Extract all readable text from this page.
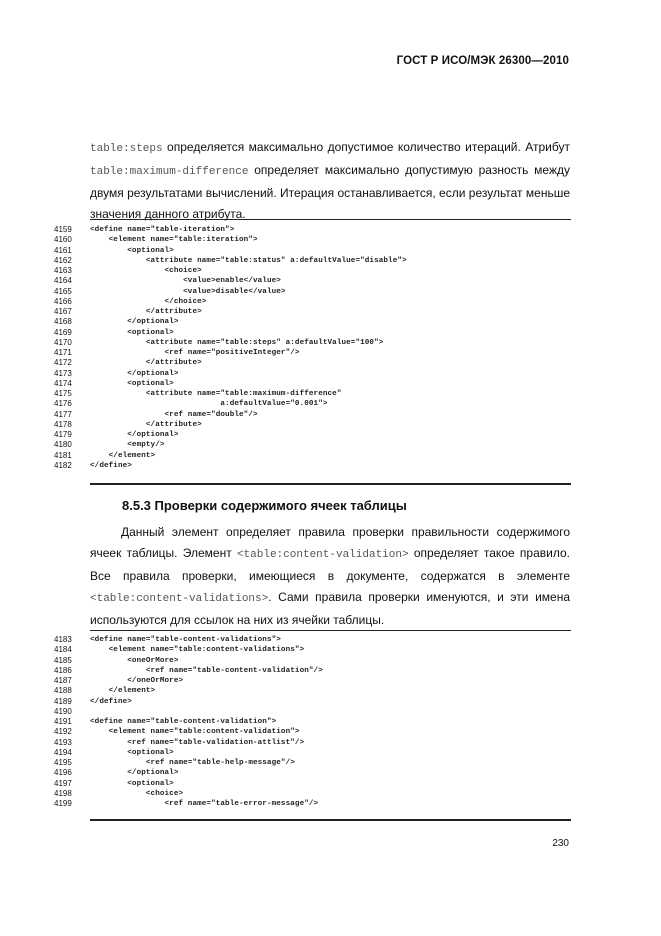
ГОСТ Р ИСО/МЭК 26300—2010

table:steps определяется максимально допустимое количество итераций. Атрибут table:maximum-difference определяет максимально допустимую разность между двумя результатами вычислений. Итерация останавливается, если результат меньше значения данного атрибута.

4159	<define name="table-iteration">
4160	<element name="table:iteration">
4161	<optional>
4162	<attribute name="table:status" a:defaultValue="disable">
4163	<choice>
4164	<value>enable</value>
4165	<value>disable</value>
4166	</choice>
4167	</attribute>
4168	</optional>
4169	<optional>
4170	<attribute name="table:steps" a:defaultValue="100">
4171	<ref name="positiveInteger"/>
4172	</attribute>
4173	</optional>
4174	<optional>
4175	<attribute name="table:maximum-difference"
4176	a:defaultValue="0.001">
4177	<ref name="double"/>
4178	</attribute>
4179	</optional>
4180	<empty/>
4181	</element>
4182	</define>
8.5.3 Проверки содержимого ячеек таблицы

Данный элемент определяет правила проверки правильности содержимого ячеек таблицы. Элемент <table:content-validation> определяет такое правило. Все правила проверки, имеющиеся в документе, содержатся в элементе <table:content-validations>. Сами правила проверки именуются, и эти имена используются для ссылок на них из ячейки таблицы.

4183	<define name="table-content-validations">
4184	<element name="table:content-validations">
4185	<oneOrMore>
4186	<ref name="table-content-validation"/>
4187	</oneOrMore>
4188	</element>
4189	</define>
4190
4191	<define name="table-content-validation">
4192	<element name="table:content-validation">
4193	<ref name="table-validation-attlist"/>
4194	<optional>
4195	<ref name="table-help-message"/>
4196	</optional>
4197	<optional>
4198	<choice>
4199	<ref name="table-error-message"/>
230
